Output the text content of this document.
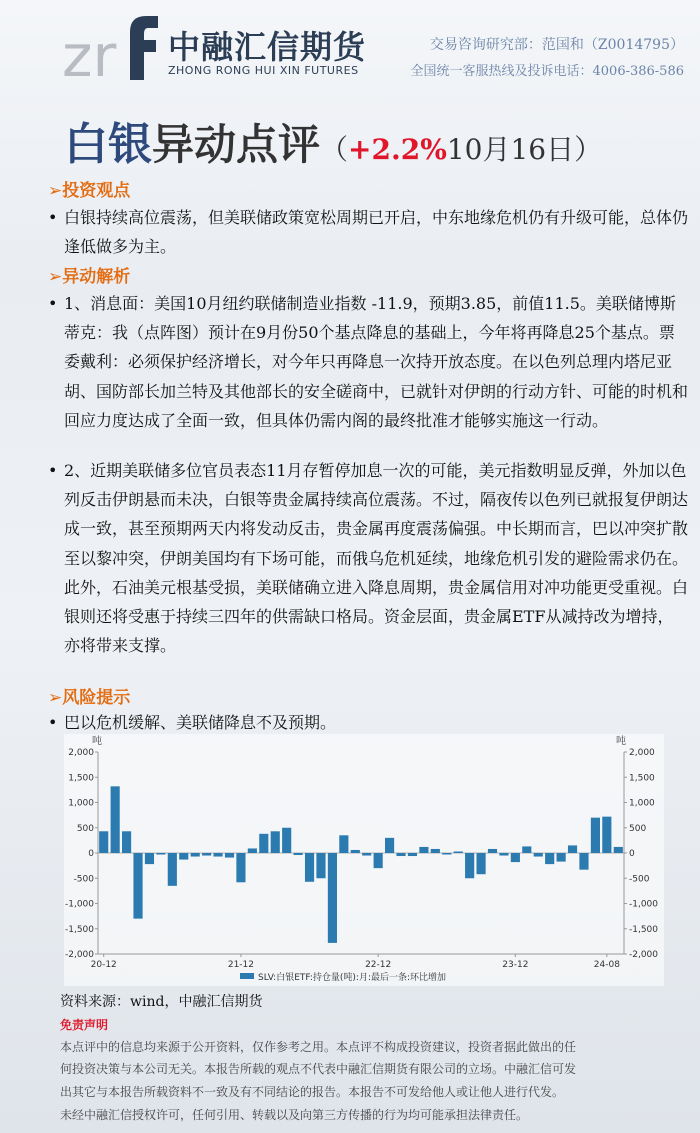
zr 中融汇信期货
ZHONG RONG HUI XIN FUTURES
交易咨询研究部：范国和（Z0014795）
全国统一客服热线及投诉电话：4006-386-586
白银异动点评（+2.2%10月16日）
➢投资观点
• 白银持续高位震荡，但美联储政策宽松周期已开启，中东地缘危机仍有升级可能，总体仍逢低做多为主。
➢异动解析
• 1、消息面：美国10月纽约联储制造业指数 -11.9，预期3.85，前值11.5。美联储博斯蒂克：我（点阵图）预计在9月份50个基点降息的基础上，今年将再降息25个基点。票委戴利：必须保护经济增长，对今年只再降息一次持开放态度。在以色列总理内塔尼亚胡、国防部长加兰特及其他部长的安全磋商中，已就针对伊朗的行动方针、可能的时机和回应力度达成了全面一致，但具体仍需内阁的最终批准才能够实施这一行动。
• 2、近期美联储多位官员表态11月存暂停加息一次的可能，美元指数明显反弹，外加以色列反击伊朗悬而未决，白银等贵金属持续高位震荡。不过，隔夜传以色列已就报复伊朗达成一致，甚至预期两天内将发动反击，贵金属再度震荡偏强。中长期而言，巴以冲突扩散至以黎冲突，伊朗美国均有下场可能，而俄乌危机延续，地缘危机引发的避险需求仍在。此外，石油美元根基受损，美联储确立进入降息周期，贵金属信用对冲功能更受重视。白银则还将受惠于持续三四年的供需缺口格局。资金层面，贵金属ETF从减持改为增持，亦将带来支撑。
➢风险提示
• 巴以危机缓解、美联储降息不及预期。
-2,000
-1,500
-1,000
-500
0
500
1,000
1,500
2,000
-2,000
-1,500
-1,000
-500
0
500
1,000
1,500
2,000
20-12	21-12	22-12	23-12	24-08
吨	吨
SLV:白银ETF:持仓量(吨):月:最后一条:环比增加
资料来源：wind，中融汇信期货
免责声明
本点评中的信息均来源于公开资料，仅作参考之用。本点评不构成投资建议，投资者据此做出的任
何投资决策与本公司无关。本报告所载的观点不代表中融汇信期货有限公司的立场。中融汇信可发
出其它与本报告所载资料不一致及有不同结论的报告。本报告不可发给他人或让他人进行代发。
未经中融汇信授权许可，任何引用、转载以及向第三方传播的行为均可能承担法律责任。
